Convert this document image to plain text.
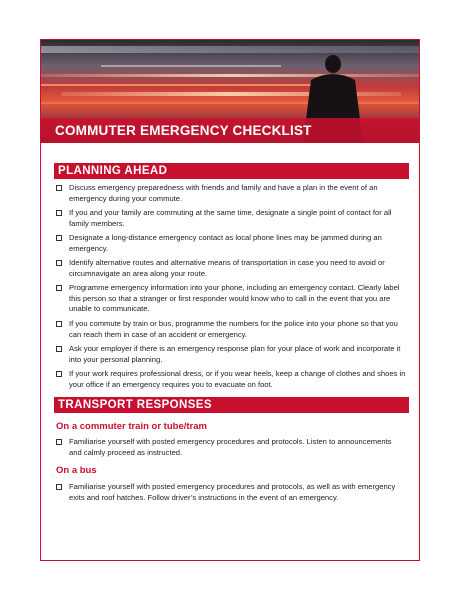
COMMUTER EMERGENCY CHECKLIST
PLANNING AHEAD
Discuss emergency preparedness with friends and family and have a plan in the event of an emergency during your commute.
If you and your family are commuting at the same time, designate a single point of contact for all family members.
Designate a long-distance emergency contact as local phone lines may be jammed during an emergency.
Identify alternative routes and alternative means of transportation in case you need to avoid or circumnavigate an area along your route.
Programme emergency information into your phone, including an emergency contact. Clearly label this person so that a stranger or first responder would know who to call in the event that you are unable to communicate.
If you commute by train or bus, programme the numbers for the police into your phone so that you can reach them in case of an accident or emergency.
Ask your employer if there is an emergency response plan for your place of work and incorporate it into your personal planning.
If your work requires professional dress, or if you wear heels, keep a change of clothes and shoes in your office if an emergency requires you to evacuate on foot.
TRANSPORT RESPONSES
On a commuter train or tube/tram
Familiarise yourself with posted emergency procedures and protocols. Listen to announcements and calmly proceed as instructed.
On a bus
Familiarise yourself with posted emergency procedures and protocols, as well as with emergency exits and roof hatches. Follow driver’s instructions in the event of an emergency.
